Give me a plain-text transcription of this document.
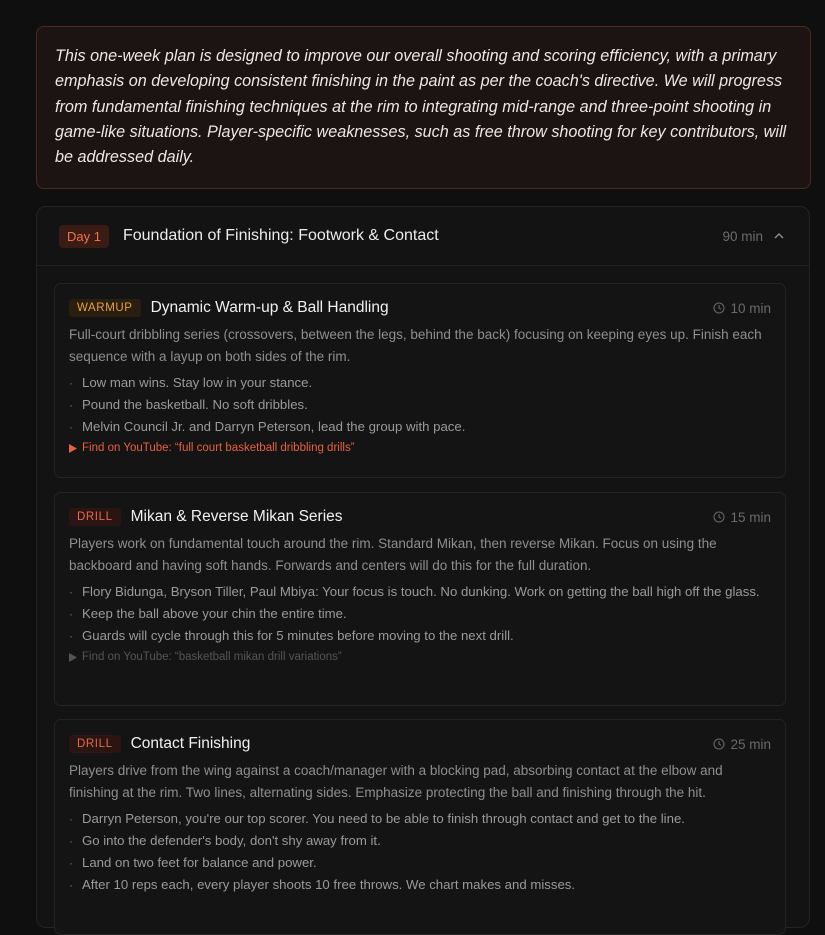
This one-week plan is designed to improve our overall shooting and scoring efficiency, with a primary emphasis on developing consistent finishing in the paint as per the coach's directive. We will progress from fundamental finishing techniques at the rim to integrating mid-range and three-point shooting in game-like situations. Player-specific weaknesses, such as free throw shooting for key contributors, will be addressed daily.
Day 1	Foundation of Finishing: Footwork & Contact	90 min
WARMUP	Dynamic Warm-up & Ball Handling	10 min
Full-court dribbling series (crossovers, between the legs, behind the back) focusing on keeping eyes up. Finish each sequence with a layup on both sides of the rim.
· Low man wins. Stay low in your stance.
· Pound the basketball. No soft dribbles.
· Melvin Council Jr. and Darryn Peterson, lead the group with pace.
Find on YouTube: “full court basketball dribbling drills”
DRILL	Mikan & Reverse Mikan Series	15 min
Players work on fundamental touch around the rim. Standard Mikan, then reverse Mikan. Focus on using the backboard and having soft hands. Forwards and centers will do this for the full duration.
· Flory Bidunga, Bryson Tiller, Paul Mbiya: Your focus is touch. No dunking. Work on getting the ball high off the glass.
· Keep the ball above your chin the entire time.
· Guards will cycle through this for 5 minutes before moving to the next drill.
Find on YouTube: “basketball mikan drill variations”
DRILL	Contact Finishing	25 min
Players drive from the wing against a coach/manager with a blocking pad, absorbing contact at the elbow and finishing at the rim. Two lines, alternating sides. Emphasize protecting the ball and finishing through the hit.
· Darryn Peterson, you're our top scorer. You need to be able to finish through contact and get to the line.
· Go into the defender's body, don't shy away from it.
· Land on two feet for balance and power.
· After 10 reps each, every player shoots 10 free throws. We chart makes and misses.
